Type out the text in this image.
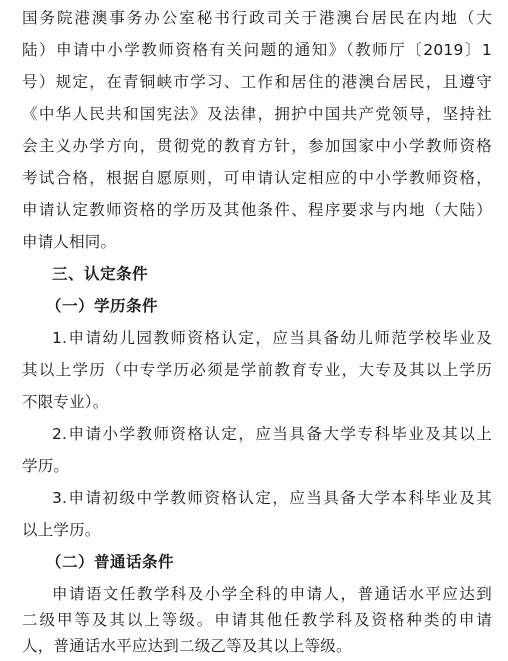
国务院港澳事务办公室秘书行政司关于港澳台居民在内地（大
陆）申请中小学教师资格有关问题的通知》（教师厅〔2019〕1
号）规定，在青铜峡市学习、工作和居住的港澳台居民，且遵守
《中华人民共和国宪法》及法律，拥护中国共产党领导，坚持社
会主义办学方向，贯彻党的教育方针，参加国家中小学教师资格
考试合格，根据自愿原则，可申请认定相应的中小学教师资格，
申请认定教师资格的学历及其他条件、程序要求与内地（大陆）
申请人相同。
三、认定条件
（一）学历条件
1.申请幼儿园教师资格认定，应当具备幼儿师范学校毕业及
其以上学历（中专学历必须是学前教育专业，大专及其以上学历
不限专业）。
2.申请小学教师资格认定，应当具备大学专科毕业及其以上
学历。
3.申请初级中学教师资格认定，应当具备大学本科毕业及其
以上学历。
（二）普通话条件
申请语文任教学科及小学全科的申请人，普通话水平应达到
二级甲等及其以上等级。申请其他任教学科及资格种类的申请
人，普通话水平应达到二级乙等及其以上等级。
